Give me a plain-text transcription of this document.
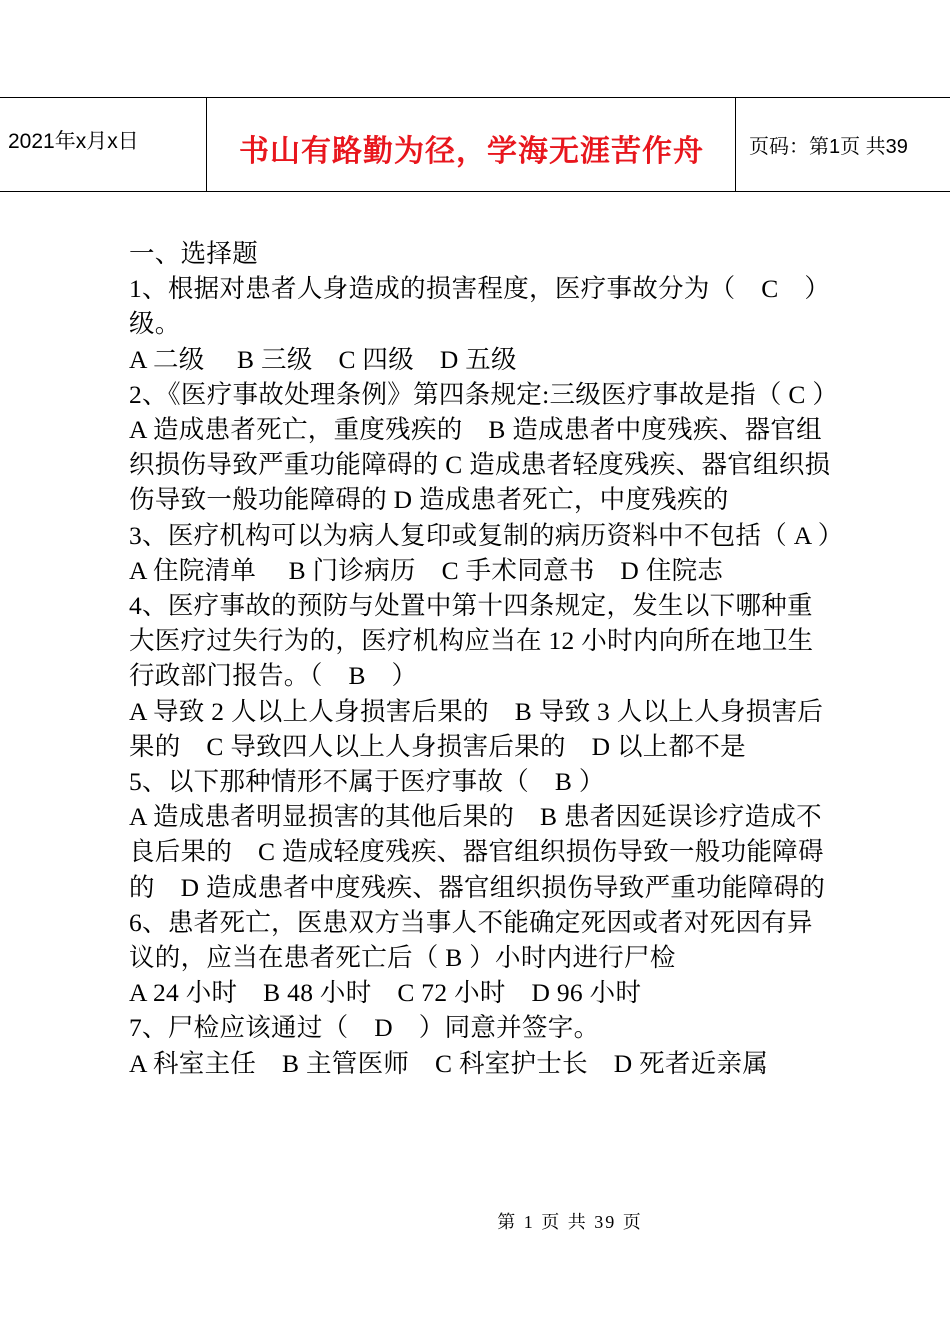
2021年x月x日	书山有路勤为径，学海无涯苦作舟	页码：第1页 共39

一、选择题

1、根据对患者人身造成的损害程度，医疗事故分为（　C　）级。

A 二级　 B 三级　C 四级　D 五级

2、《医疗事故处理条例》第四条规定:三级医疗事故是指（ C ）

A 造成患者死亡，重度残疾的　B 造成患者中度残疾、器官组织损伤导致严重功能障碍的 C 造成患者轻度残疾、器官组织损伤导致一般功能障碍的 D 造成患者死亡，中度残疾的

3、医疗机构可以为病人复印或复制的病历资料中不包括（ A ）

A 住院清单　 B 门诊病历　C 手术同意书　D 住院志

4、医疗事故的预防与处置中第十四条规定，发生以下哪种重大医疗过失行为的，医疗机构应当在 12 小时内向所在地卫生行政部门报告。（　B　）

A 导致 2 人以上人身损害后果的　B 导致 3 人以上人身损害后果的　C 导致四人以上人身损害后果的　D 以上都不是

5、以下那种情形不属于医疗事故（　B ）

A 造成患者明显损害的其他后果的　B 患者因延误诊疗造成不良后果的　C 造成轻度残疾、器官组织损伤导致一般功能障碍的　D 造成患者中度残疾、器官组织损伤导致严重功能障碍的

6、患者死亡，医患双方当事人不能确定死因或者对死因有异议的，应当在患者死亡后（ B ）小时内进行尸检

A 24 小时　B 48 小时　C 72 小时　D 96 小时

7、尸检应该通过（　D　）同意并签字。

A 科室主任　B 主管医师　C 科室护士长　D 死者近亲属

第 1 页 共 39 页
